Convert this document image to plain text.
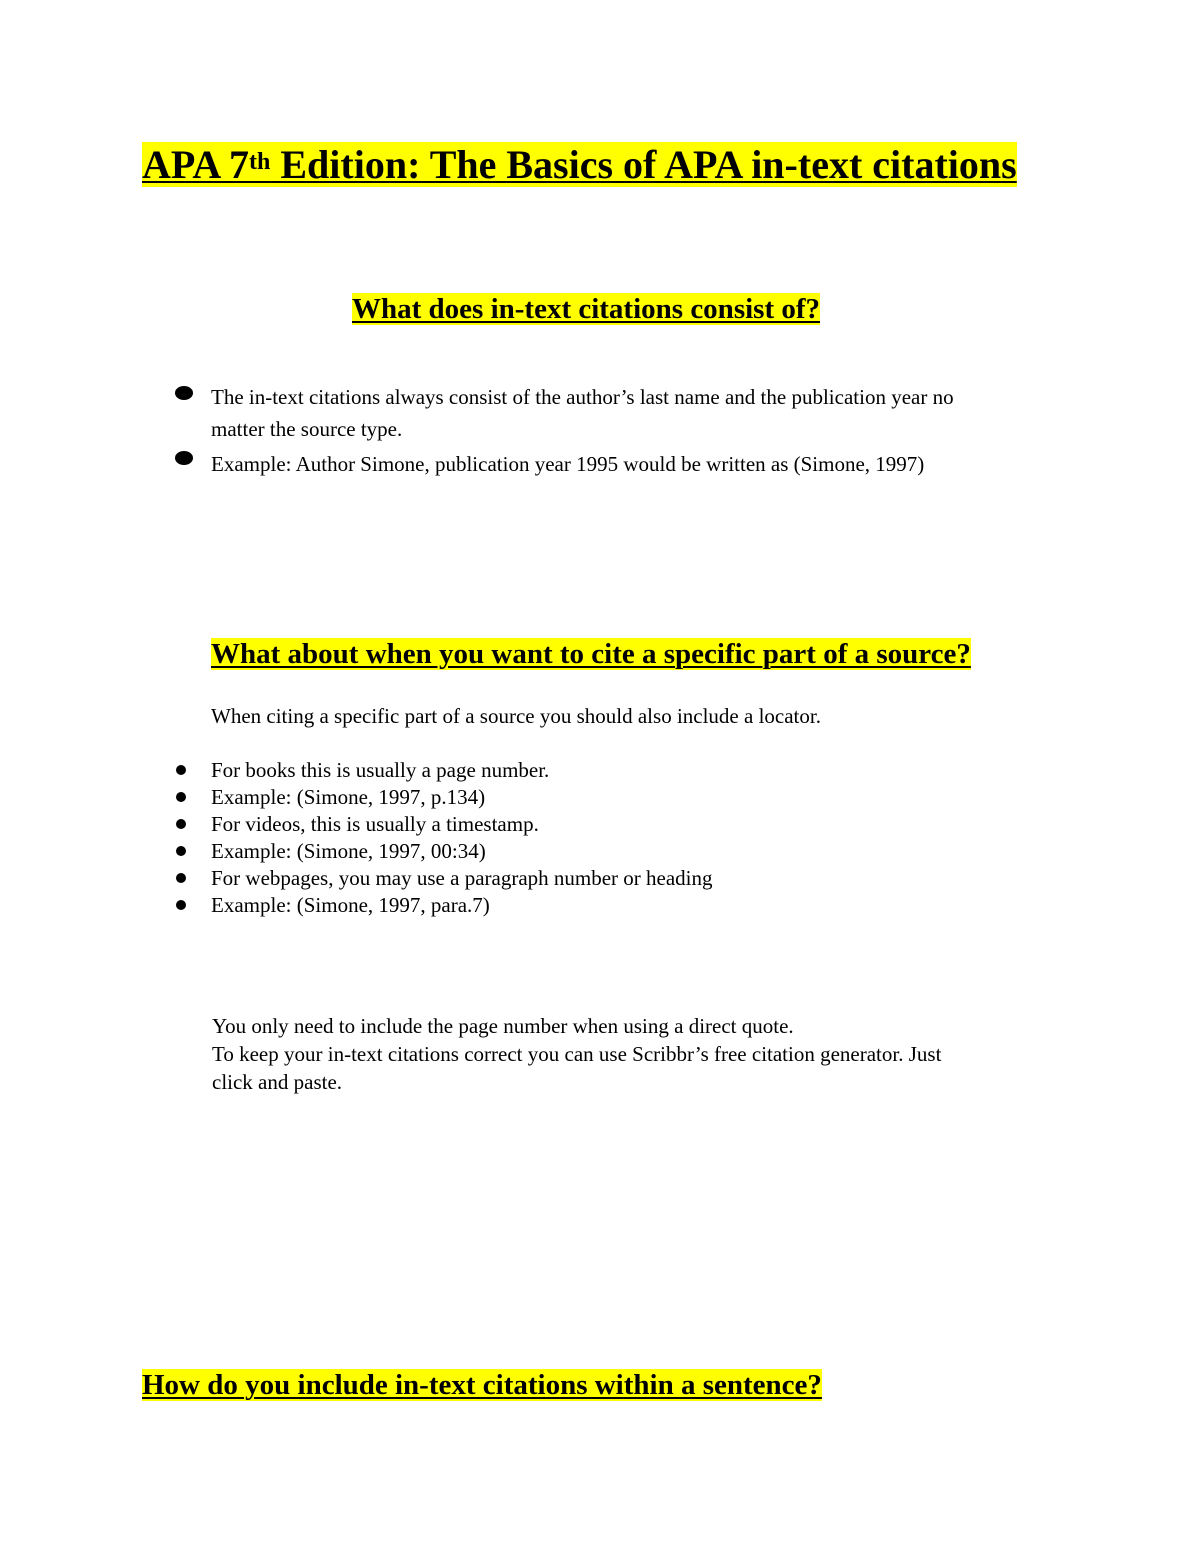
APA 7th Edition: The Basics of APA in-text citations
What does in-text citations consist of?
The in-text citations always consist of the author’s last name and the publication year no
matter the source type.
Example: Author Simone, publication year 1995 would be written as (Simone, 1997)
What about when you want to cite a specific part of a source?
When citing a specific part of a source you should also include a locator.
For books this is usually a page number.
Example: (Simone, 1997, p.134)
For videos, this is usually a timestamp.
Example: (Simone, 1997, 00:34)
For webpages, you may use a paragraph number or heading
Example: (Simone, 1997, para.7)
You only need to include the page number when using a direct quote.
To keep your in-text citations correct you can use Scribbr’s free citation generator. Just
click and paste.
How do you include in-text citations within a sentence?
